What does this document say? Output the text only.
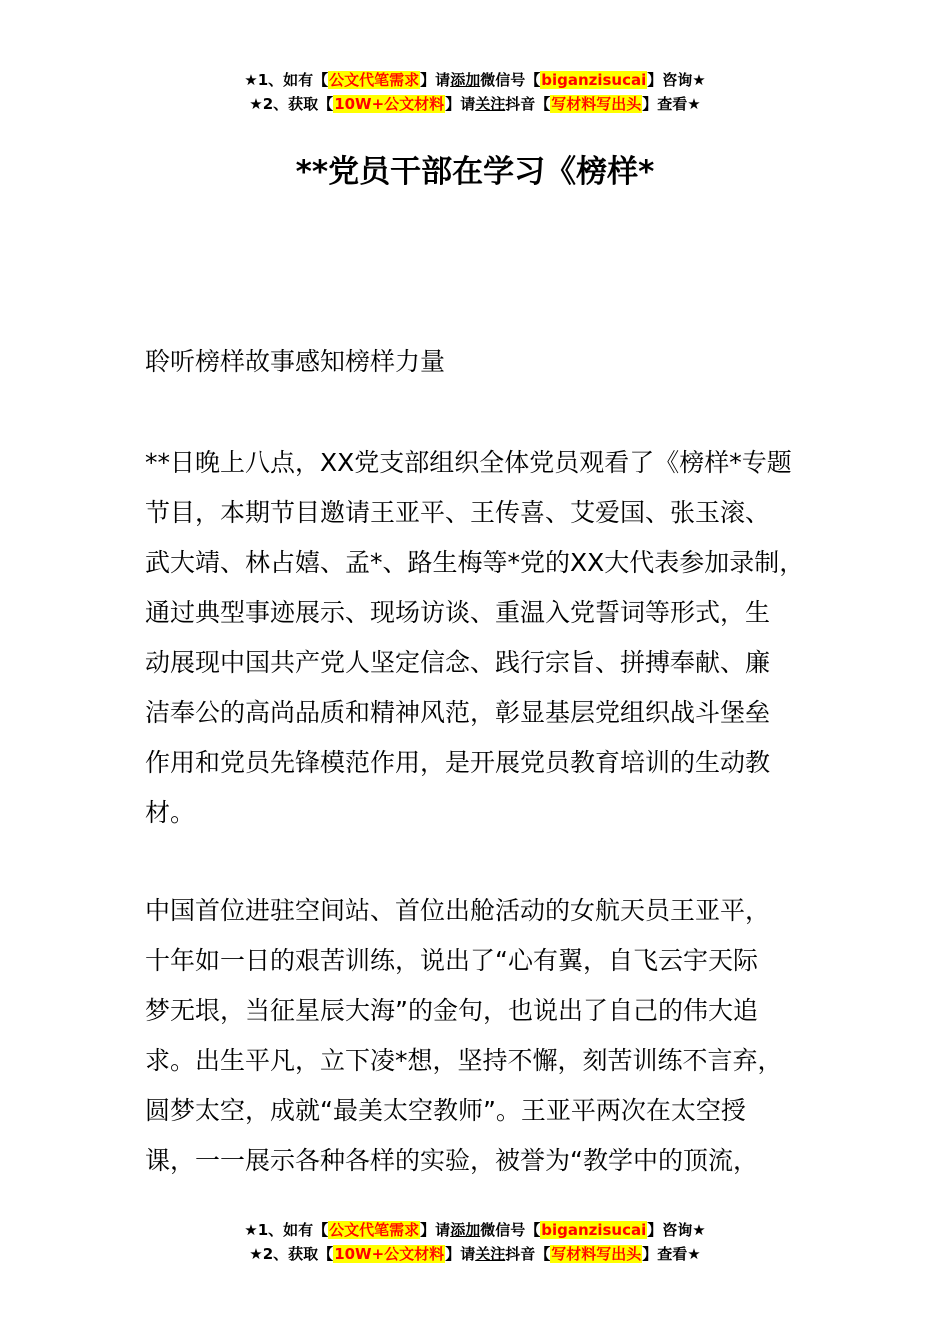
★1、如有【公文代笔需求】请添加微信号【biganzisucai】咨询★
★2、获取【10W+公文材料】请关注抖音【写材料写出头】查看★
**党员干部在学习《榜样*
聆听榜样故事感知榜样力量
**日晚上八点，XX党支部组织全体党员观看了《榜样*专题
节目，本期节目邀请王亚平、王传喜、艾爱国、张玉滚、
武大靖、林占嬉、孟*、路生梅等*党的XX大代表参加录制，
通过典型事迹展示、现场访谈、重温入党誓词等形式，生
动展现中国共产党人坚定信念、践行宗旨、拼搏奉献、廉
洁奉公的高尚品质和精神风范，彰显基层党组织战斗堡垒
作用和党员先锋模范作用，是开展党员教育培训的生动教
材。
中国首位进驻空间站、首位出舱活动的女航天员王亚平，
十年如一日的艰苦训练，说出了“心有翼，自飞云宇天际
梦无垠，当征星辰大海”的金句，也说出了自己的伟大追
求。出生平凡，立下凌*想，坚持不懈，刻苦训练不言弃，
圆梦太空，成就“最美太空教师”。王亚平两次在太空授
课，一一展示各种各样的实验，被誉为“教学中的顶流，
★1、如有【公文代笔需求】请添加微信号【biganzisucai】咨询★
★2、获取【10W+公文材料】请关注抖音【写材料写出头】查看★
